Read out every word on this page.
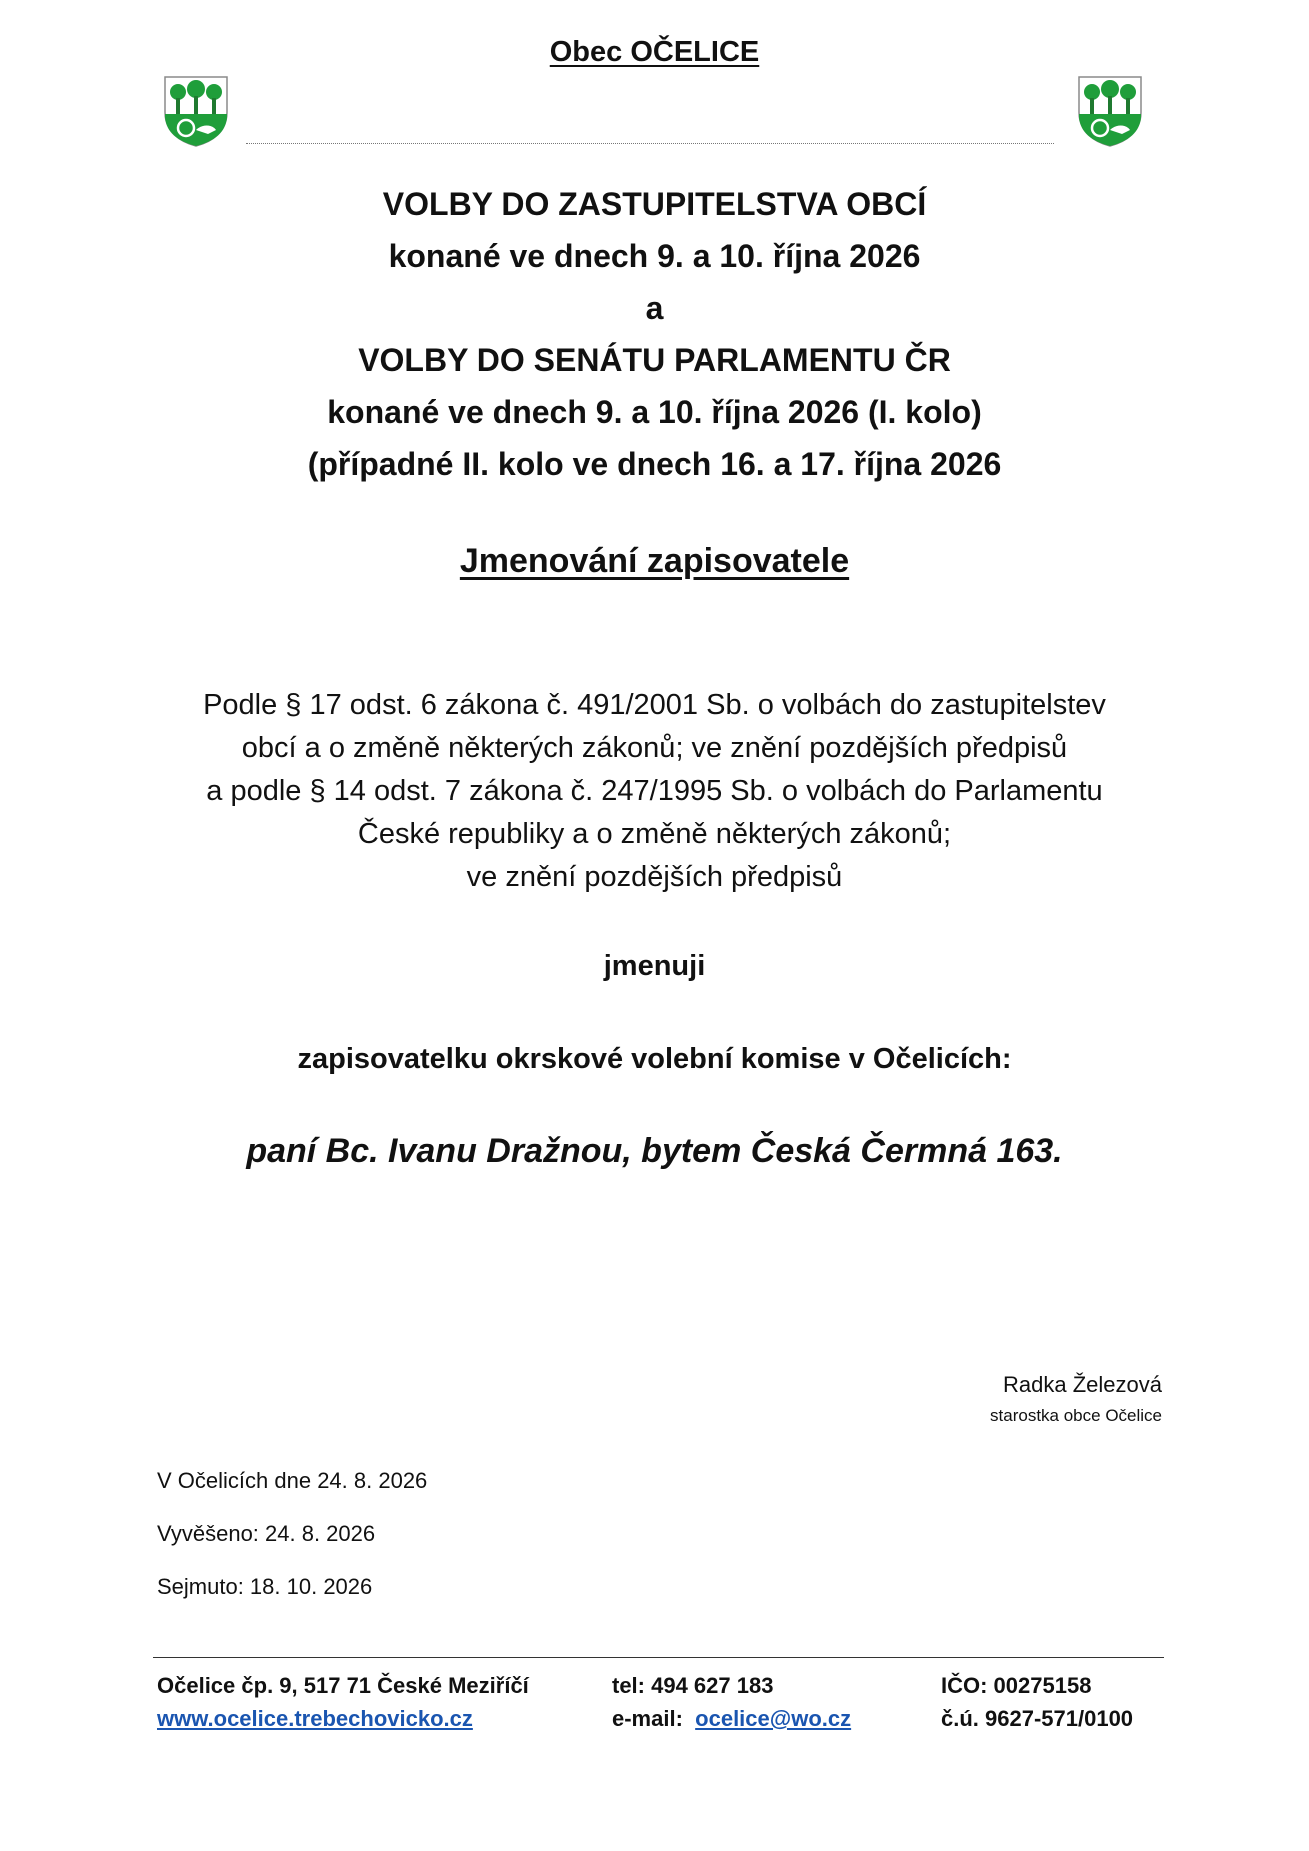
Obec OČELICE
VOLBY DO ZASTUPITELSTVA OBCÍ
konané ve dnech 9. a 10. října 2026
a
VOLBY DO SENÁTU PARLAMENTU ČR
konané ve dnech 9. a 10. října 2026 (I. kolo)
(případné II. kolo ve dnech 16. a 17. října 2026
Jmenování zapisovatele
Podle § 17 odst. 6 zákona č. 491/2001 Sb. o volbách do zastupitelstev
obcí a o změně některých zákonů; ve znění pozdějších předpisů
a podle § 14 odst. 7 zákona č. 247/1995 Sb. o volbách do Parlamentu
České republiky a o změně některých zákonů;
ve znění pozdějších předpisů
jmenuji
zapisovatelku okrskové volební komise v Očelicích:
paní Bc. Ivanu Dražnou, bytem Česká Čermná 163.
Radka Železová
starostka obce Očelice
V Očelicích dne 24. 8. 2026
Vyvěšeno: 24. 8. 2026
Sejmuto: 18. 10. 2026
Očelice čp. 9, 517 71 České Meziříčí
www.ocelice.trebechovicko.cz
tel: 494 627 183
e-mail: ocelice@wo.cz
IČO: 00275158
č.ú. 9627-571/0100
